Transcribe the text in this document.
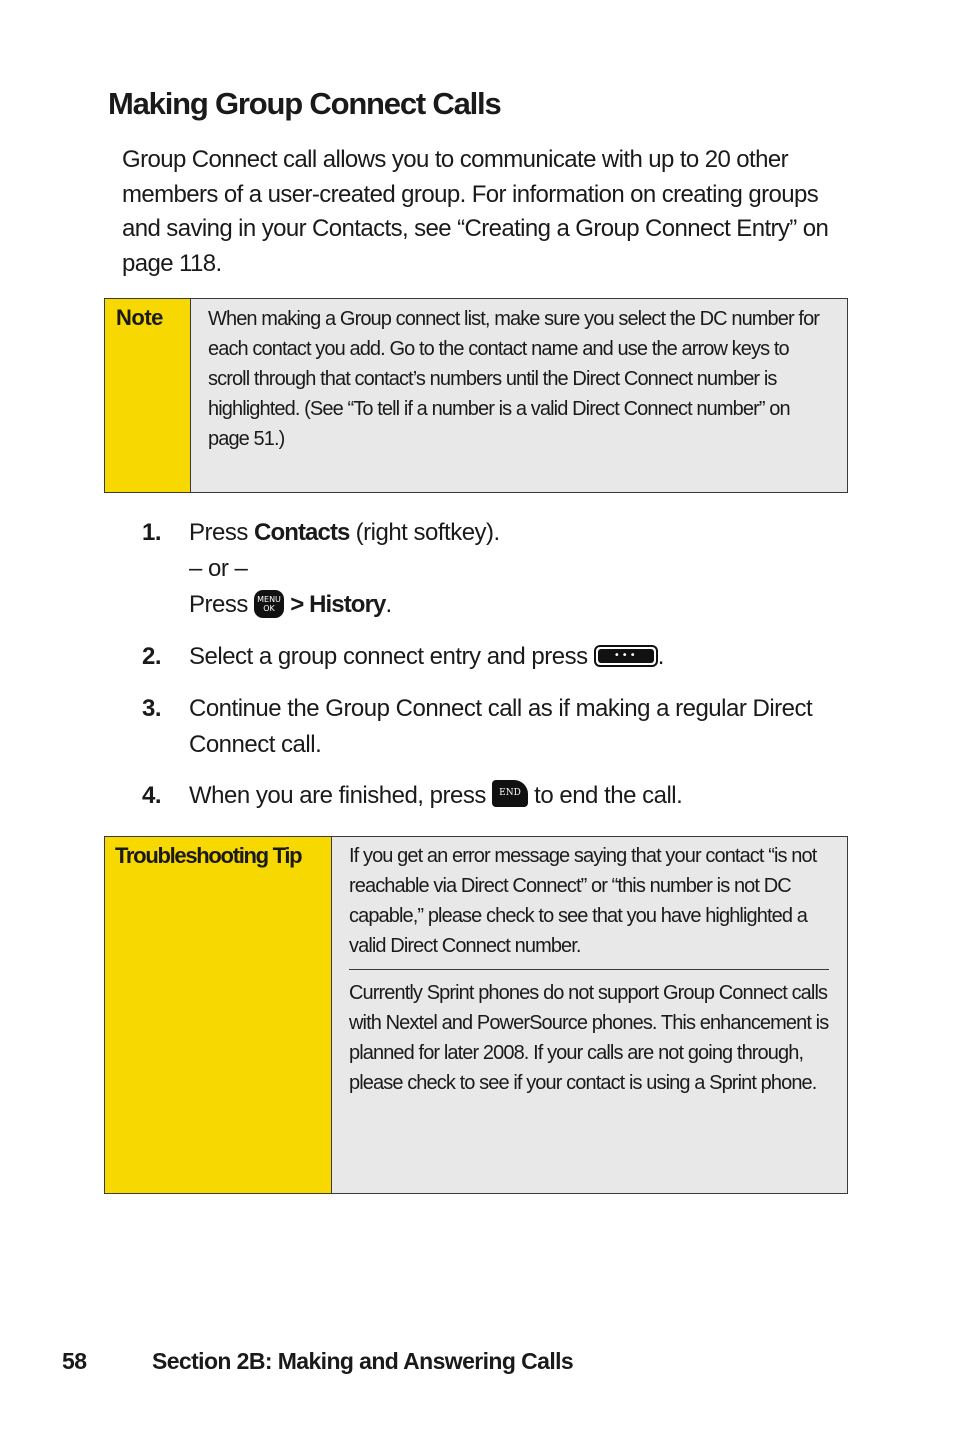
Making Group Connect Calls

Group Connect call allows you to communicate with up to 20 other members of a user-created group. For information on creating groups and saving in your Contacts, see “Creating a Group Connect Entry” on page 118.

Note	When making a Group connect list, make sure you select the DC number for each contact you add. Go to the contact name and use the arrow keys to scroll through that contact’s numbers until the Direct Connect number is highlighted. (See “To tell if a number is a valid Direct Connect number” on page 51.)
1. Press Contacts (right softkey).
– or –
Press MENU
OK > History.
2. Select a group connect entry and press	••• .
3. Continue the Group Connect call as if making a regular Direct Connect call.
4. When you are finished, press END to end the call.
Troubleshooting Tip	If you get an error message saying that your contact “is not reachable via Direct Connect” or “this number is not DC capable,” please check to see that you have highlighted a valid Direct Connect number.
Currently Sprint phones do not support Group Connect calls with Nextel and PowerSource phones. This enhancement is planned for later 2008. If your calls are not going through, please check to see if your contact is using a Sprint phone.
58	Section 2B: Making and Answering Calls
